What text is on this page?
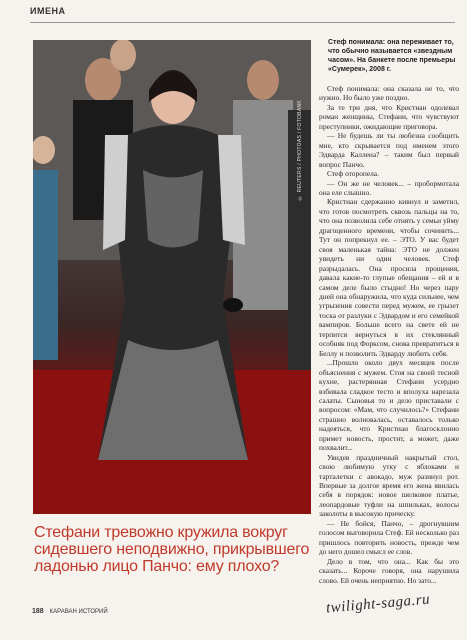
ИМЕНА
© REUTERS / PHOTOAS / FOTOBANK
Стеф понимала: она переживает то, что обычно называется «звездным часом». На банкете после премьеры «Сумерек», 2008 г.

Стеф понимала: она сказала не то, что нужно. Но было уже поздно.

За те три дня, что Кристиан одолевал роман женщины, Стефани, что чувствуют преступники, ожидающие приговора.

— Не будешь ли ты любезна сообщить мне, кто скрывается под именем этого Эдварда Каллена? – таким был первый вопрос Панчо.

Стеф оторопела.

— Он же не человек... – пробормотала она еле слышно.

Кристиан сдержанно кивнул и заметил, что готов посмотреть сквозь пальцы на то, что она позволила себе отнять у семьи уйму драгоценного времени, чтобы сочинить... Тут он попрекнул ее. – ЭТО. У вас будет своя маленькая тайна: ЭТО не должен увидеть ни один человек. Стеф разрыдалась. Она просила прощения, давала какие-то глупые обещания – ей и в самом деле было стыдно! Но через пару дней она обнаружила, что куда сильнее, чем угрызения совести перед мужем, ее грызет тоска от разлуки с Эдвардом и его семейкой вампиров. Больше всего на свете ей не терпится вернуться в их стеклянный особняк под Форксом, снова превратиться в Беллу и позволить Эдварду любить себя.

...Прошло около двух месяцев после объяснения с мужем. Стоя на своей тесной кухне, растерянная Стефани усердно взбивала сладкое тесто и вполуха нарезала салаты. Сыновья то и дело приставали с вопросом: «Мам, что случилось?» Стефани страшно волновалась, оставалось только надеяться, что Кристиан благосклонно примет новость, простит, а может, даже похвалит...

Увидев праздничный накрытый стол, свою любимую утку с яблоками и тарталетки с авокадо, муж разинул рот. Впервые за долгое время его жена явилась себя в порядок: новое шелковое платье, леопардовые туфли на шпильках, волосы заколоты в высокую прическу.

— Не бойся, Панчо, – дрогнувшим голосом выговорила Стеф. Ей несколько раз пришлось повторить новость, прежде чем до него дошел смысл ее слов.

Дело в том, что она... Как бы это сказать... Короче говоря, она нарушила слово. Ей очень неприятно. Но зато...

Стефани тревожно кружила вокруг сидевшего неподвижно, прикрывшего ладонью лицо Панчо: ему плохо?
188 КАРАВАН ИСТОРИЙ	twilight-saga.ru
